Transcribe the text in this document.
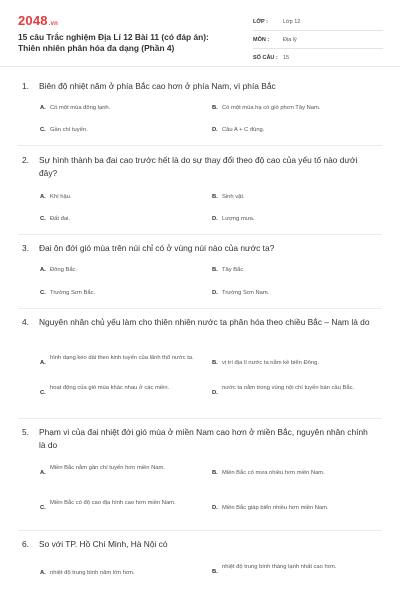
2048.vn
15 câu Trắc nghiệm Địa Lí 12 Bài 11 (có đáp án): Thiên nhiên phân hóa đa dạng (Phần 4)
LỚP :	Lớp 12
MÔN :	Địa lý
SỐ CÂU : 15
1.	Biên độ nhiệt năm ở phía Bắc cao hơn ở phía Nam, vì phía Bắc
A. Có một mùa đông lạnh.	B. Có một mùa hạ có gió phơn Tây Nam.
C. Gần chí tuyến.	D. Câu A + C đúng.
2.	Sự hình thành ba đai cao trước hết là do sự thay đổi theo độ cao của yếu tố nào dưới đây?
A. Khí hậu.	B. Sinh vật.
C. Đất đai.	D. Lượng mưa.
3.	Đai ôn đới gió mùa trên núi chỉ có ở vùng núi nào của nước ta?
A. Đông Bắc.	B. Tây Bắc.
C. Trường Sơn Bắc.	D. Trường Sơn Nam.
4.	Nguyên nhân chủ yếu làm cho thiên nhiên nước ta phân hóa theo chiều Bắc – Nam là do
A.
hình dạng kéo dài theo kinh tuyến của lãnh thổ nước ta.
B. vị trí địa lí nước ta nằm kề biển Đông.
C.
hoạt động của gió mùa khác nhau ở các miền.
D.
nước ta nằm trong vùng nội chí tuyến bán cầu Bắc.
5.	Phạm vi của đai nhiệt đới gió mùa ở miền Nam cao hơn ở miền Bắc, nguyên nhân chính là do
A.
Miền Bắc nằm gần chí tuyến hơn miền Nam.
B. Miền Bắc có mưa nhiều hơn miền Nam.
C.
Miền Bắc có độ cao địa hình cao hơn miền Nam.
D. Miền Bắc giáp biển nhiều hơn miền Nam.
6.	So với TP. Hồ Chí Minh, Hà Nội có
A. nhiệt độ trung bình năm lớn hơn.	B.
nhiệt độ trung bình tháng lạnh nhất cao hơn.
